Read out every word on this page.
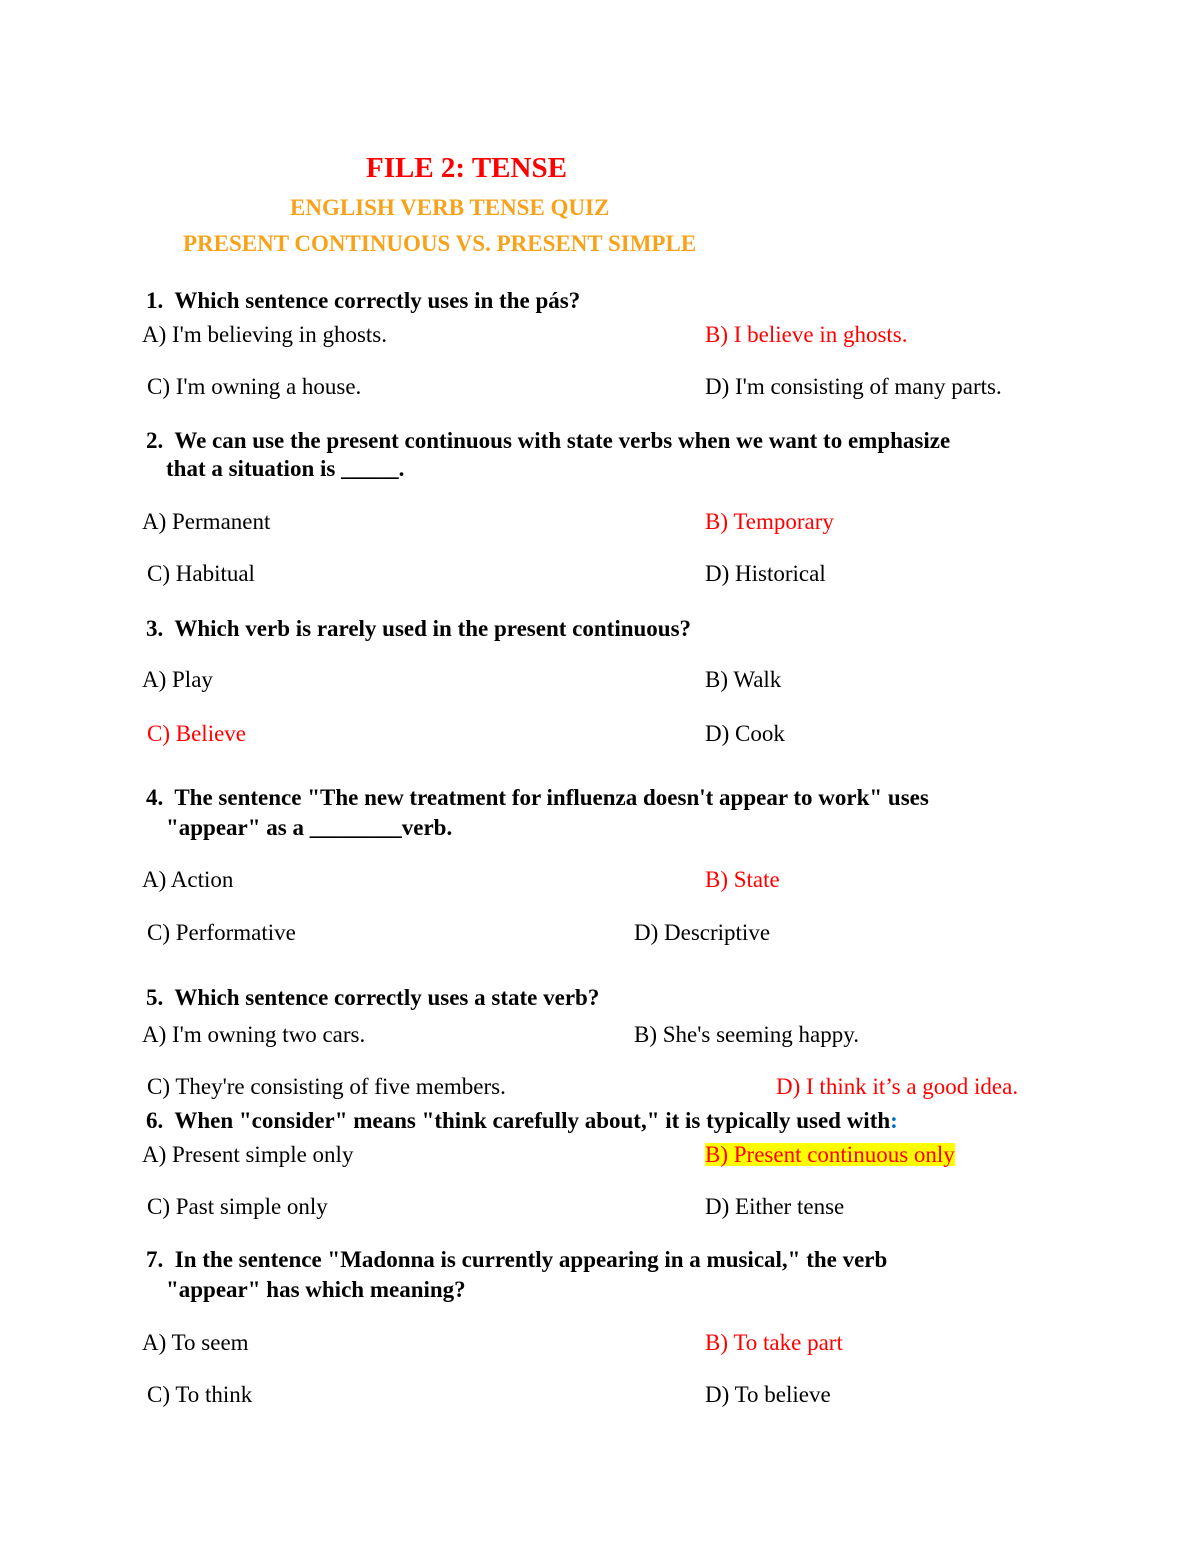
FILE 2: TENSE
ENGLISH VERB TENSE QUIZ
PRESENT CONTINUOUS VS. PRESENT SIMPLE
1. Which sentence correctly uses in the pás?
A) I'm believing in ghosts.	B) I believe in ghosts.
C) I'm owning a house.	D) I'm consisting of many parts.
2. We can use the present continuous with state verbs when we want to emphasize
that a situation is _____.
A) Permanent	B) Temporary
C) Habitual	D) Historical
3. Which verb is rarely used in the present continuous?
A) Play	B) Walk
C) Believe	D) Cook
4. The sentence "The new treatment for influenza doesn't appear to work" uses
"appear" as a ________verb.
A) Action	B) State
C) Performative	D) Descriptive
5. Which sentence correctly uses a state verb?
A) I'm owning two cars.	B) She's seeming happy.
C) They're consisting of five members.	D) I think it’s a good idea.
6. When "consider" means "think carefully about," it is typically used with:
A) Present simple only	B) Present continuous only
C) Past simple only	D) Either tense
7. In the sentence "Madonna is currently appearing in a musical," the verb
"appear" has which meaning?
A) To seem	B) To take part
C) To think	D) To believe
